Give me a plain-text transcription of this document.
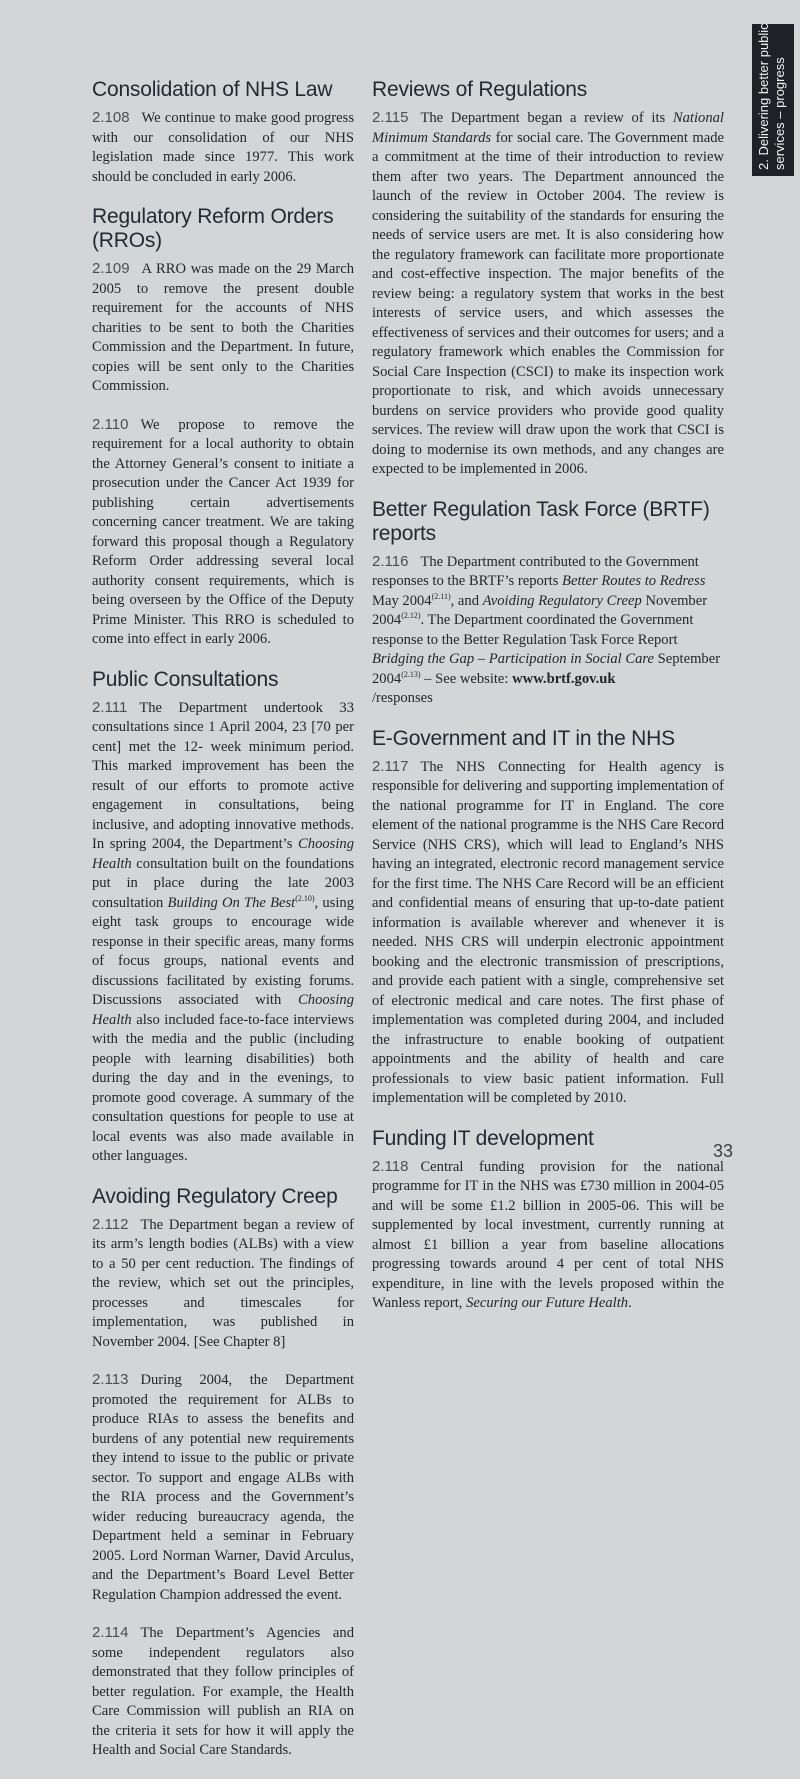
Consolidation of NHS Law

2.108 We continue to make good progress with our consolidation of our NHS legislation made since 1977. This work should be concluded in early 2006.

Regulatory Reform Orders (RROs)

2.109 A RRO was made on the 29 March 2005 to remove the present double requirement for the accounts of NHS charities to be sent to both the Charities Commission and the Department. In future, copies will be sent only to the Charities Commission.

2.110 We propose to remove the requirement for a local authority to obtain the Attorney General’s consent to initiate a prosecution under the Cancer Act 1939 for publishing certain advertisements concerning cancer treatment. We are taking forward this proposal though a Regulatory Reform Order addressing several local authority consent requirements, which is being overseen by the Office of the Deputy Prime Minister. This RRO is scheduled to come into effect in early 2006.

Public Consultations

2.111 The Department undertook 33 consultations since 1 April 2004, 23 [70 per cent] met the 12- week minimum period. This marked improvement has been the result of our efforts to promote active engagement in consultations, being inclusive, and adopting innovative methods. In spring 2004, the Department’s Choosing Health consultation built on the foundations put in place during the late 2003 consultation Building On The Best$^{(2.10)}$, using eight task groups to encourage wide response in their specific areas, many forms of focus groups, national events and discussions facilitated by existing forums. Discussions associated with Choosing Health also included face-to-face interviews with the media and the public (including people with learning disabilities) both during the day and in the evenings, to promote good coverage. A summary of the consultation questions for people to use at local events was also made available in other languages.

Avoiding Regulatory Creep

2.112 The Department began a review of its arm’s length bodies (ALBs) with a view to a 50 per cent reduction. The findings of the review, which set out the principles, processes and timescales for implementation, was published in November 2004. [See Chapter 8]

2.113 During 2004, the Department promoted the requirement for ALBs to produce RIAs to assess the benefits and burdens of any potential new requirements they intend to issue to the public or private sector. To support and engage ALBs with the RIA process and the Government’s wider reducing bureaucracy agenda, the Department held a seminar in February 2005. Lord Norman Warner, David Arculus, and the Department’s Board Level Better Regulation Champion addressed the event.

2.114 The Department’s Agencies and some independent regulators also demonstrated that they follow principles of better regulation. For example, the Health Care Commission will publish an RIA on the criteria it sets for how it will apply the Health and Social Care Standards.

Reviews of Regulations

2.115 The Department began a review of its National Minimum Standards for social care. The Government made a commitment at the time of their introduction to review them after two years. The Department announced the launch of the review in October 2004. The review is considering the suitability of the standards for ensuring the needs of service users are met. It is also considering how the regulatory framework can facilitate more proportionate and cost-effective inspection. The major benefits of the review being: a regulatory system that works in the best interests of service users, and which assesses the effectiveness of services and their outcomes for users; and a regulatory framework which enables the Commission for Social Care Inspection (CSCI) to make its inspection work proportionate to risk, and which avoids unnecessary burdens on service providers who provide good quality services. The review will draw upon the work that CSCI is doing to modernise its own methods, and any changes are expected to be implemented in 2006.

Better Regulation Task Force (BRTF) reports

2.116 The Department contributed to the Government responses to the BRTF’s reports Better Routes to Redress May $2004^{(2.11)}$, and Avoiding Regulatory Creep November $2004^{(2.12)}$. The Department coordinated the Government response to the Better Regulation Task Force Report Bridging the Gap – Participation in Social Care September $2004^{(2.13)}$ – See website: www.brtf.gov.uk
/responses

E-Government and IT in the NHS

2.117 The NHS Connecting for Health agency is responsible for delivering and supporting implementation of the national programme for IT in England. The core element of the national programme is the NHS Care Record Service (NHS CRS), which will lead to England’s NHS having an integrated, electronic record management service for the first time. The NHS Care Record will be an efficient and confidential means of ensuring that up-to-date patient information is available wherever and whenever it is needed. NHS CRS will underpin electronic appointment booking and the electronic transmission of prescriptions, and provide each patient with a single, comprehensive set of electronic medical and care notes. The first phase of implementation was completed during 2004, and included the infrastructure to enable booking of outpatient appointments and the ability of health and care professionals to view basic patient information. Full implementation will be completed by 2010.

Funding IT development

2.118 Central funding provision for the national programme for IT in the NHS was £730 million in 2004-05 and will be some £1.2 billion in 2005-06. This will be supplemented by local investment, currently running at almost £1 billion a year from baseline allocations progressing towards around 4 per cent of total NHS expenditure, in line with the levels proposed within the Wanless report, Securing our Future Health.

2. Delivering better public services – progress
33
